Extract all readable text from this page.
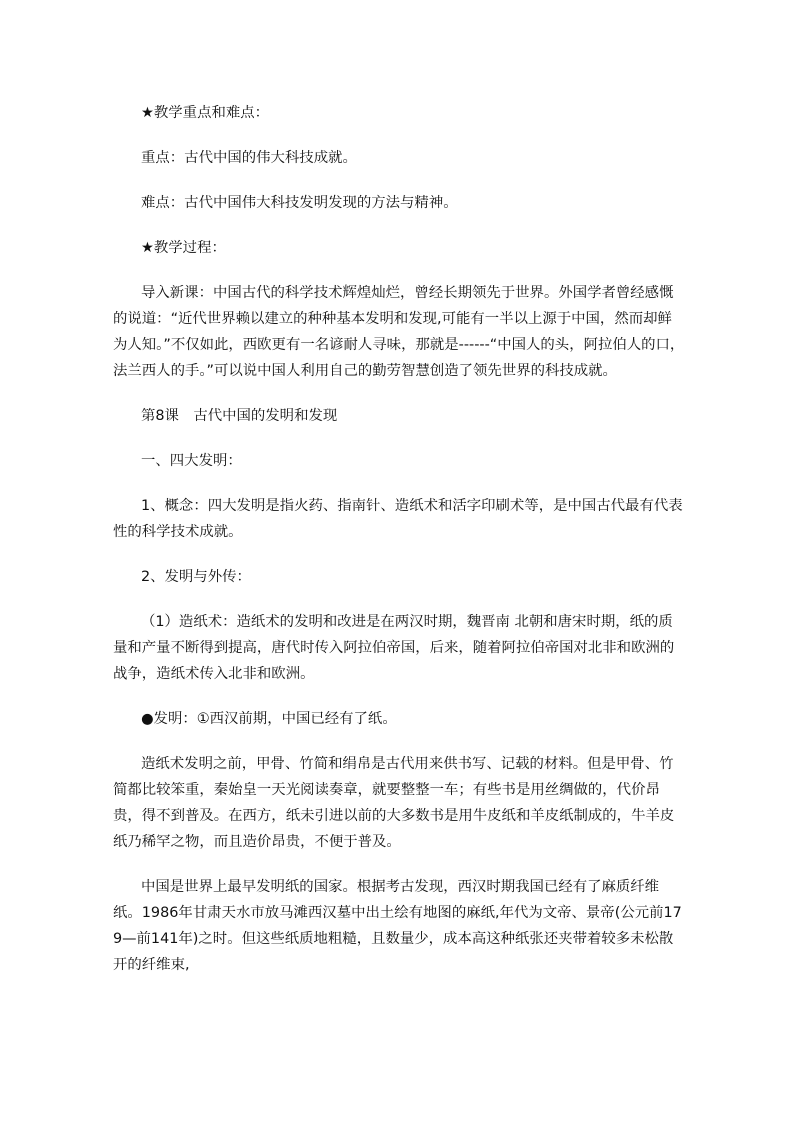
★教学重点和难点：

重点：古代中国的伟大科技成就。

难点：古代中国伟大科技发明发现的方法与精神。

★教学过程：

导入新课：中国古代的科学技术辉煌灿烂，曾经长期领先于世界。外国学者曾经感慨的说道：“近代世界赖以建立的种种基本发明和发现,可能有一半以上源于中国，然而却鲜为人知。”不仅如此，西欧更有一名谚耐人寻味，那就是------“中国人的头，阿拉伯人的口，法兰西人的手。”可以说中国人利用自己的勤劳智慧创造了领先世界的科技成就。

第8课　古代中国的发明和发现

一、四大发明：

1、概念：四大发明是指火药、指南针、造纸术和活字印刷术等，是中国古代最有代表性的科学技术成就。

2、发明与外传：

（1）造纸术：造纸术的发明和改进是在两汉时期，魏晋南 北朝和唐宋时期，纸的质量和产量不断得到提高，唐代时传入阿拉伯帝国，后来，随着阿拉伯帝国对北非和欧洲的战争，造纸术传入北非和欧洲。

●发明：①西汉前期，中国已经有了纸。

造纸术发明之前，甲骨、竹简和绢帛是古代用来供书写、记载的材料。但是甲骨、竹简都比较笨重，秦始皇一天光阅读奏章，就要整整一车；有些书是用丝绸做的，代价昂贵，得不到普及。在西方，纸未引进以前的大多数书是用牛皮纸和羊皮纸制成的，牛羊皮纸乃稀罕之物，而且造价昂贵，不便于普及。

中国是世界上最早发明纸的国家。根据考古发现，西汉时期我国已经有了麻质纤维纸。1986年甘肃天水市放马滩西汉墓中出土绘有地图的麻纸,年代为文帝、景帝(公元前179—前141年)之时。但这些纸质地粗糙，且数量少，成本高这种纸张还夹带着较多未松散开的纤维束,
